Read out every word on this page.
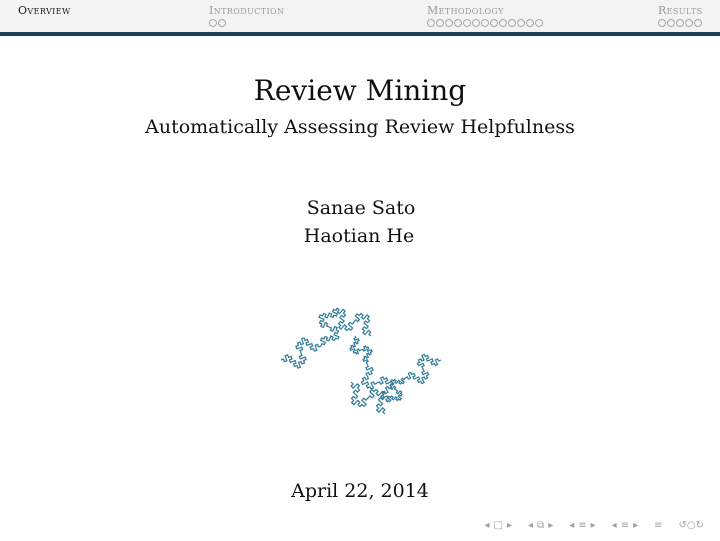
Overview	Introduction	Methodology	Results
Review Mining
Automatically Assessing Review Helpfulness
Sanae Sato
Haotian He
April 22, 2014
◂ □ ▸ ◂ ⧉ ▸ ◂ ≡ ▸ ◂ ≡ ▸ ≡ ↺○↻
